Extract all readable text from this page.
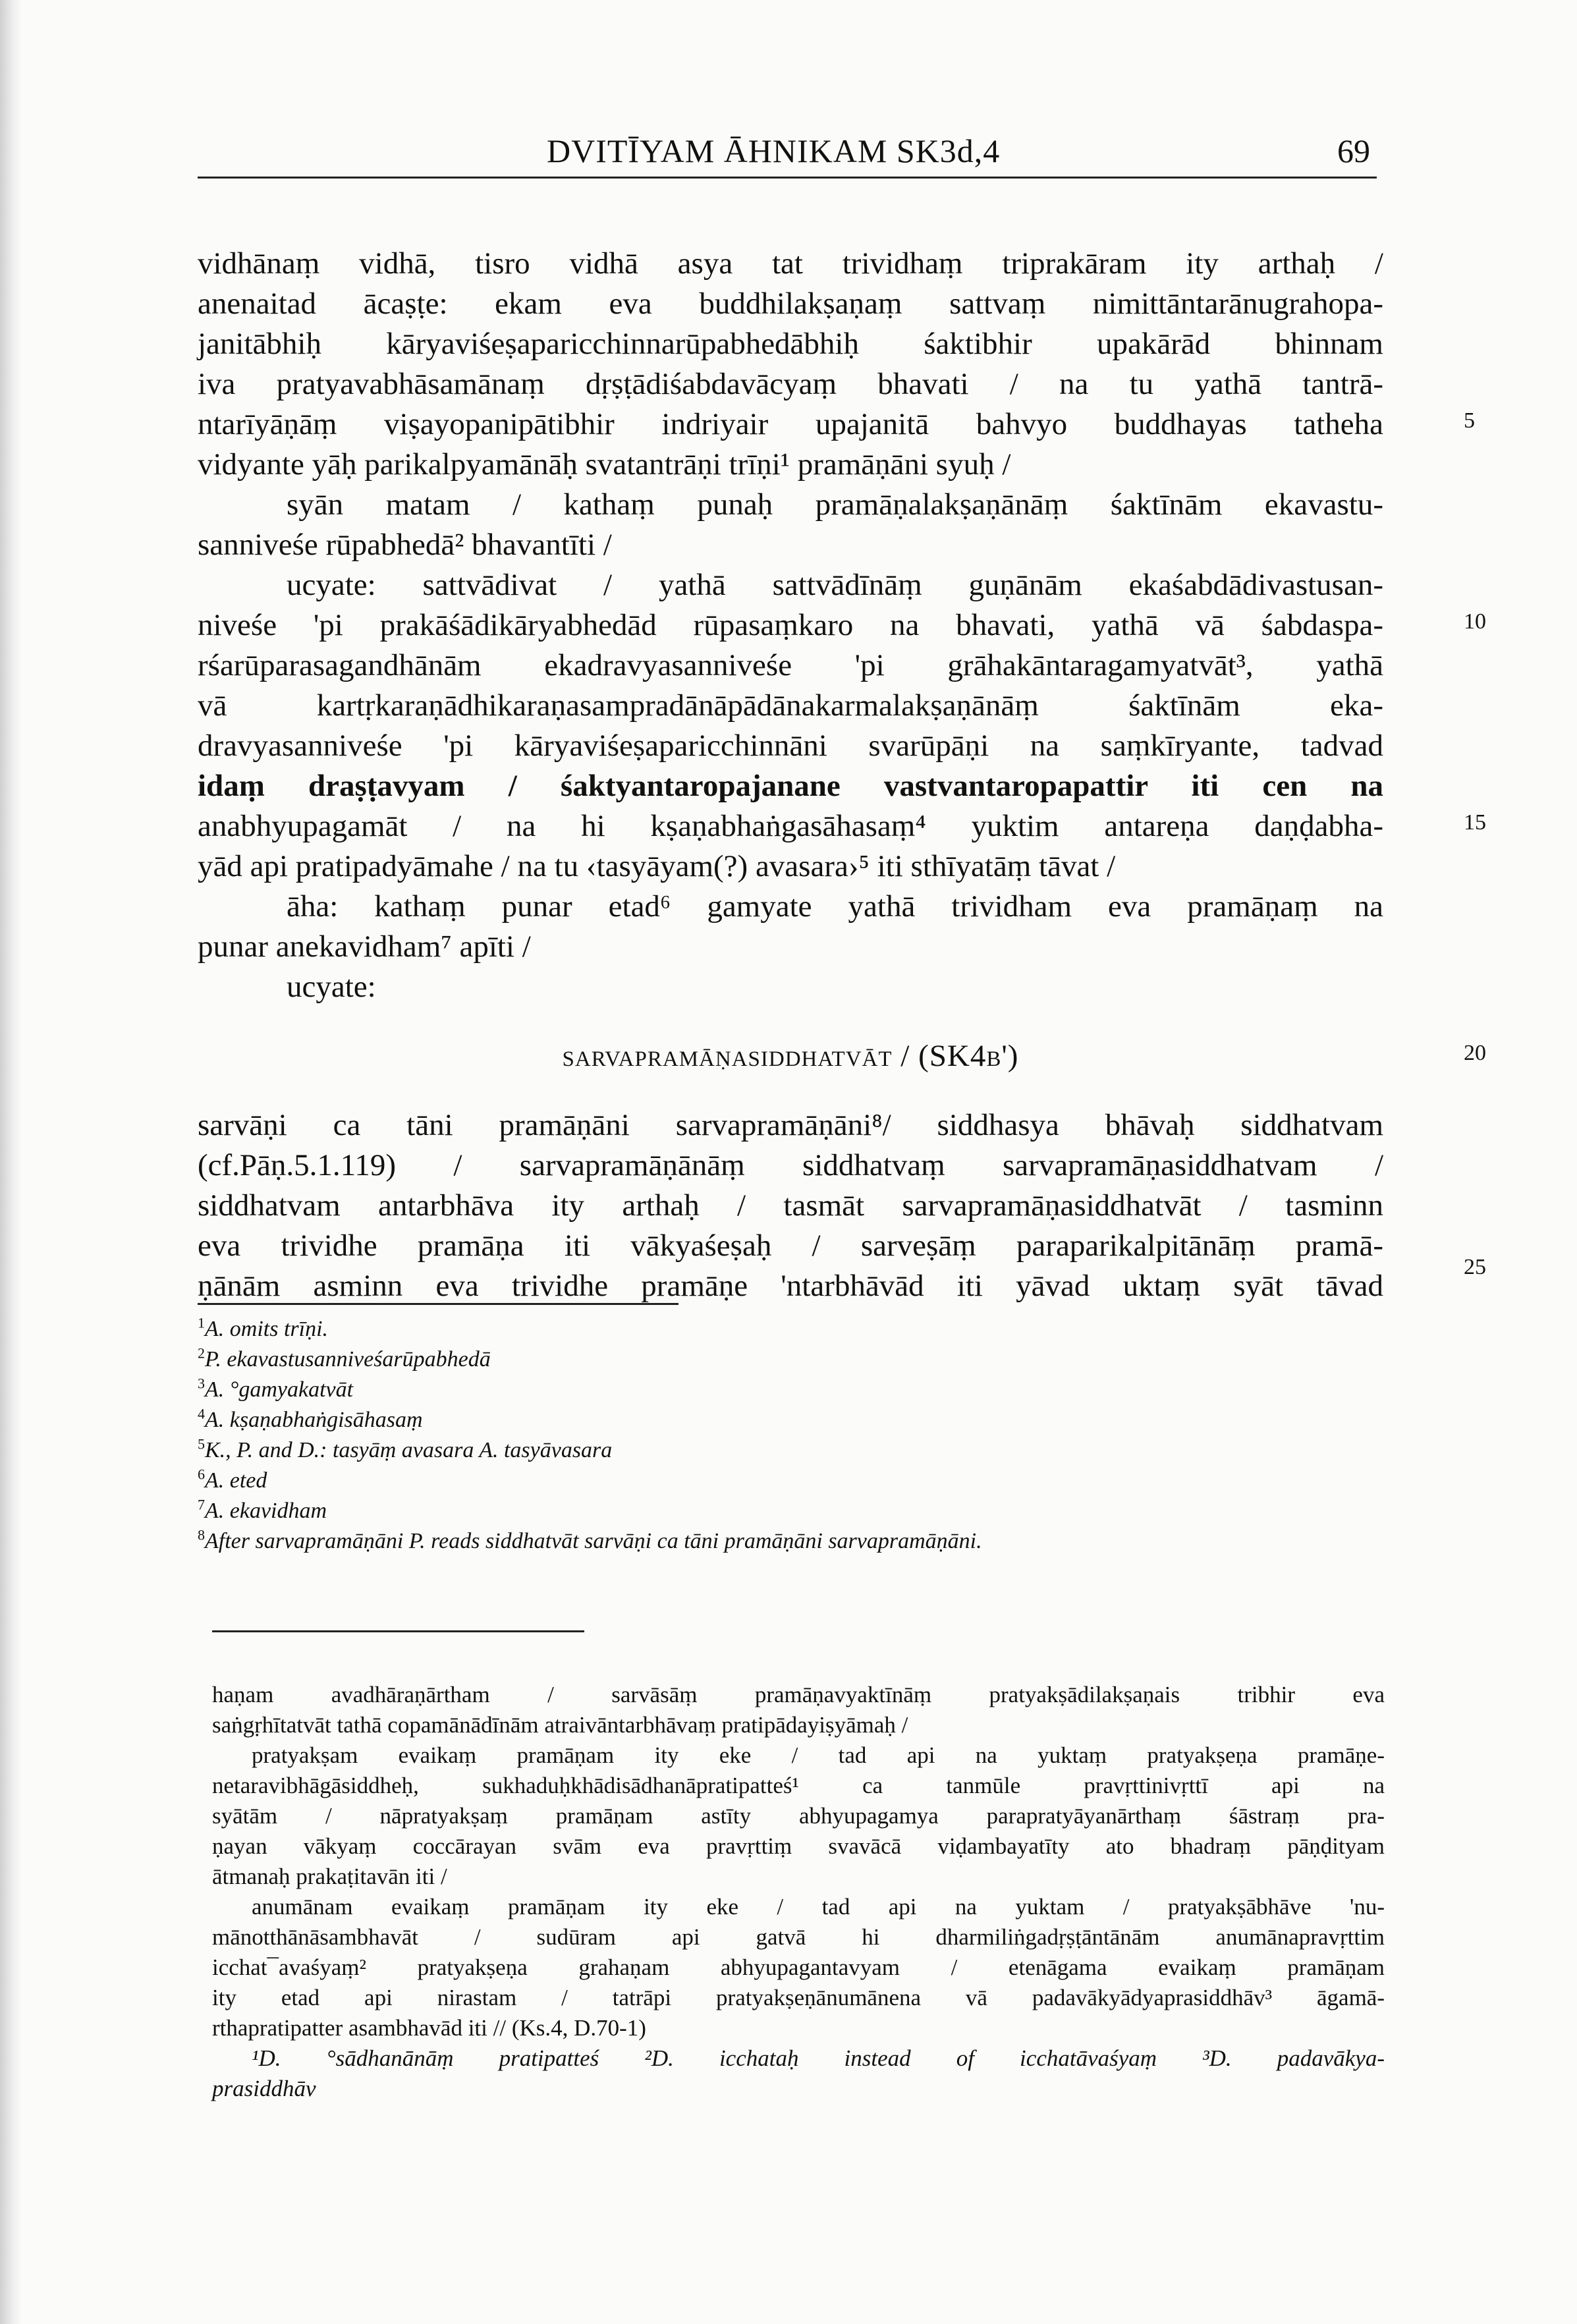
DVITĪYAM ĀHNIKAM SK3d,4	69
vidhānaṃ vidhā, tisro vidhā asya tat trividhaṃ triprakāram ity arthaḥ /
anenaitad ācaṣṭe: ekam eva buddhilakṣaṇaṃ sattvaṃ nimittāntarānugrahopa-
janitābhiḥ kāryaviśeṣaparicchinnarūpabhedābhiḥ śaktibhir upakārād bhinnam
iva pratyavabhāsamānaṃ dṛṣṭādiśabdavācyaṃ bhavati / na tu yathā tantrā-
ntarīyāṇāṃ viṣayopanipātibhir indriyair upajanitā bahvyo buddhayas tatheha
vidyante yāḥ parikalpyamānāḥ svatantrāṇi trīṇi¹ pramāṇāni syuḥ /
syān matam / kathaṃ punaḥ pramāṇalakṣaṇānāṃ śaktīnām ekavastu-
sanniveśe rūpabhedā² bhavantīti /
ucyate: sattvādivat / yathā sattvādīnāṃ guṇānām ekaśabdādivastusan-
niveśe 'pi prakāśādikāryabhedād rūpasaṃkaro na bhavati, yathā vā śabdaspa-
rśarūparasagandhānām ekadravyasanniveśe 'pi grāhakāntaragamyatvāt³, yathā
vā kartṛkaraṇādhikaraṇasampradānāpādānakarmalakṣaṇānāṃ śaktīnām eka-
dravyasanniveśe 'pi kāryaviśeṣaparicchinnāni svarūpāṇi na saṃkīryante, tadvad
idaṃ draṣṭavyam / śaktyantaropajanane vastvantaropapattir iti cen na
anabhyupagamāt / na hi kṣaṇabhaṅgasāhasaṃ⁴ yuktim antareṇa daṇḍabha-
yād api pratipadyāmahe / na tu ‹tasyāyam(?) avasara›⁵ iti sthīyatāṃ tāvat /
āha: kathaṃ punar etad⁶ gamyate yathā trividham eva pramāṇaṃ na
punar anekavidham⁷ apīti /
ucyate:
sarvapramāṇasiddhatvāt / (SK4b')
sarvāṇi ca tāni pramāṇāni sarvapramāṇāni⁸/ siddhasya bhāvaḥ siddhatvam
(cf.Pāṇ.5.1.119) / sarvapramāṇānāṃ siddhatvaṃ sarvapramāṇasiddhatvam /
siddhatvam antarbhāva ity arthaḥ / tasmāt sarvapramāṇasiddhatvāt / tasminn
eva trividhe pramāṇa iti vākyaśeṣaḥ / sarveṣāṃ paraparikalpitānāṃ pramā-
ṇānām asminn eva trividhe pramāṇe 'ntarbhāvād iti yāvad uktaṃ syāt tāvad
5
10
15
20
25
$^1$A. omits trīṇi.
$^2$P. ekavastusanniveśarūpabhedā
$^3$A. °gamyakatvāt
$^4$A. kṣaṇabhaṅgisāhasaṃ
$^5$K., P. and D.: tasyāṃ avasara A. tasyāvasara
$^6$A. eted
$^7$A. ekavidham
$^8$After sarvapramāṇāni P. reads siddhatvāt sarvāṇi ca tāni pramāṇāni sarvapramāṇāni.
haṇam avadhāraṇārtham / sarvāsāṃ pramāṇavyaktīnāṃ pratyakṣādilakṣaṇais tribhir eva
saṅgṛhītatvāt tathā copamānādīnām atraivāntarbhāvaṃ pratipādayiṣyāmaḥ /
pratyakṣam evaikaṃ pramāṇam ity eke / tad api na yuktaṃ pratyakṣeṇa pramāṇe-
netaravibhāgāsiddheḥ, sukhaduḥkhādisādhanāpratipatteś¹ ca tanmūle pravṛttinivṛttī api na
syātām / nāpratyakṣaṃ pramāṇam astīty abhyupagamya parapratyāyanārthaṃ śāstraṃ pra-
ṇayan vākyaṃ coccārayan svām eva pravṛttiṃ svavācā viḍambayatīty ato bhadraṃ pāṇḍityam
ātmanaḥ prakaṭitavān iti /
anumānam evaikaṃ pramāṇam ity eke / tad api na yuktam / pratyakṣābhāve 'nu-
mānotthānāsambhavāt / sudūram api gatvā hi dharmiliṅgadṛṣṭāntānām anumānapravṛttim
icchat¯avaśyaṃ² pratyakṣeṇa grahaṇam abhyupagantavyam / etenāgama evaikaṃ pramāṇam
ity etad api nirastam / tatrāpi pratyakṣeṇānumānena vā padavākyādyaprasiddhāv³ āgamā-
rthapratipatter asambhavād iti // (Ks.4, D.70-1)
¹D. °sādhanānāṃ pratipatteś ²D. icchataḥ instead of icchatāvaśyaṃ ³D. padavākya-
prasiddhāv
